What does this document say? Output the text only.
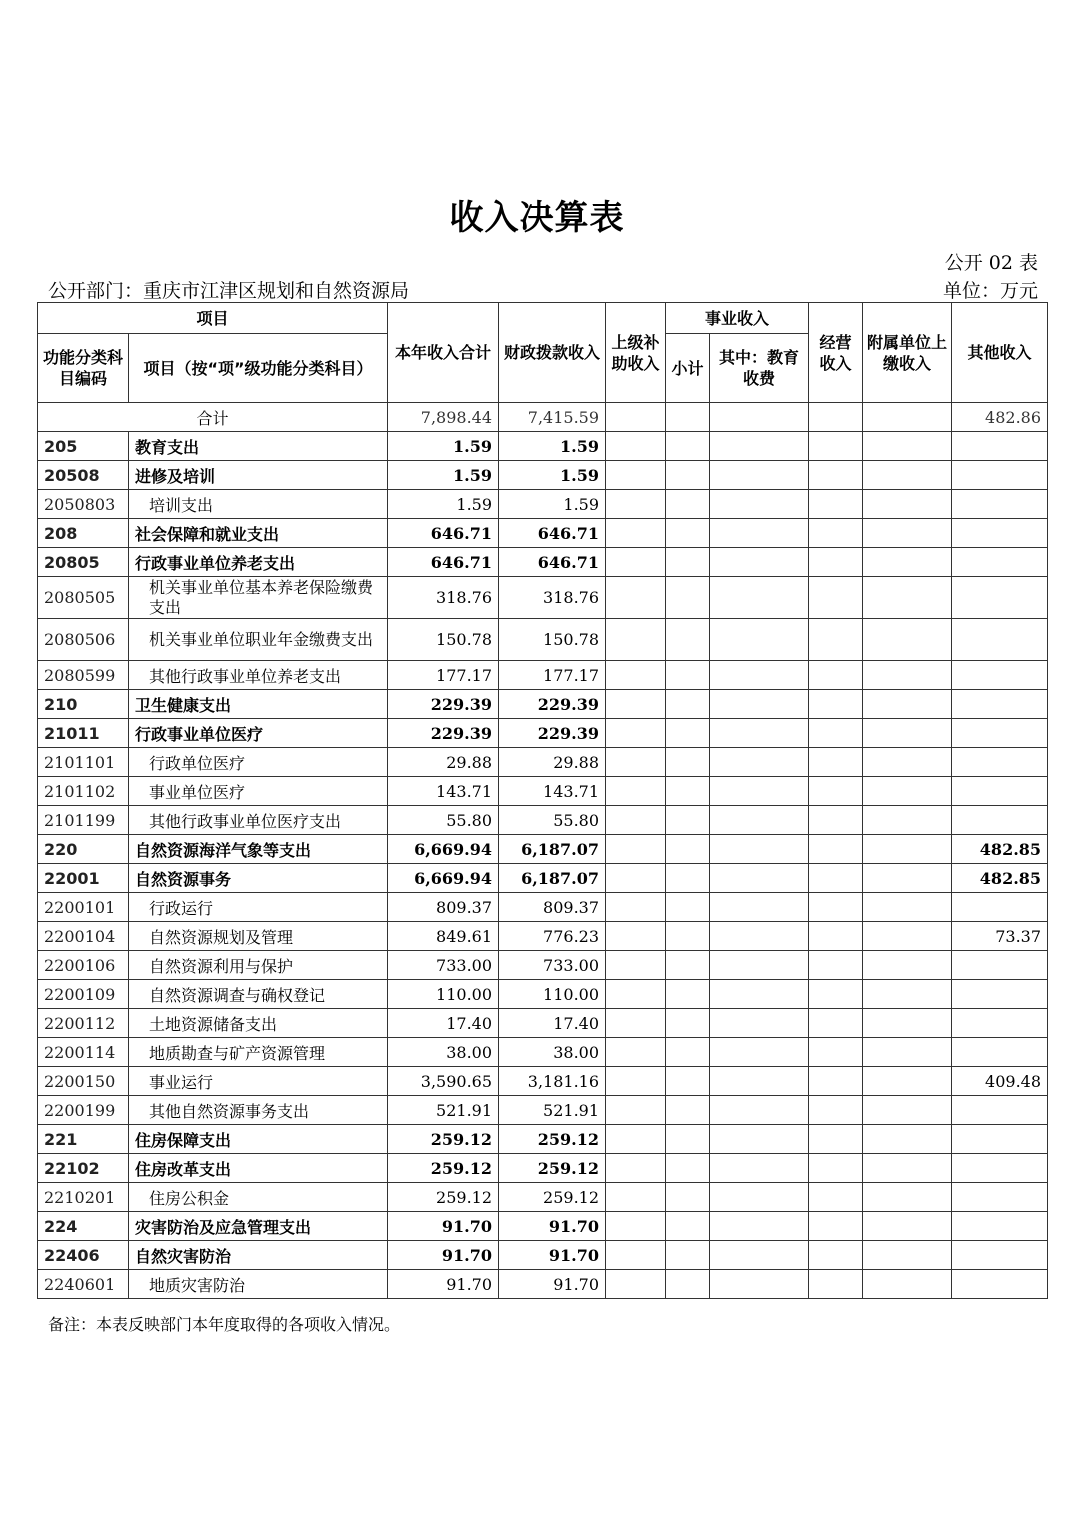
收入决算表
公开 02 表
公开部门：重庆市江津区规划和自然资源局	单位：万元
项目		本年收入合计	财政拨款收入	上级补助收入	事业收入		经营收入	附属单位上缴收入	其他收入
功能分类科目编码	项目（按“项”级功能分类科目）				小计	其中：教育收费			
合计		7,898.44	7,415.59						482.86
205	教育支出	1.59	1.59						
20508	进修及培训	1.59	1.59						
2050803	培训支出	1.59	1.59						
208	社会保障和就业支出	646.71	646.71						
20805	行政事业单位养老支出	646.71	646.71						
2080505	机关事业单位基本养老保险缴费支出	318.76	318.76						
2080506	机关事业单位职业年金缴费支出	150.78	150.78						
2080599	其他行政事业单位养老支出	177.17	177.17						
210	卫生健康支出	229.39	229.39						
21011	行政事业单位医疗	229.39	229.39						
2101101	行政单位医疗	29.88	29.88						
2101102	事业单位医疗	143.71	143.71						
2101199	其他行政事业单位医疗支出	55.80	55.80						
220	自然资源海洋气象等支出	6,669.94	6,187.07						482.85
22001	自然资源事务	6,669.94	6,187.07						482.85
2200101	行政运行	809.37	809.37						
2200104	自然资源规划及管理	849.61	776.23						73.37
2200106	自然资源利用与保护	733.00	733.00						
2200109	自然资源调查与确权登记	110.00	110.00						
2200112	土地资源储备支出	17.40	17.40						
2200114	地质勘查与矿产资源管理	38.00	38.00						
2200150	事业运行	3,590.65	3,181.16						409.48
2200199	其他自然资源事务支出	521.91	521.91						
221	住房保障支出	259.12	259.12						
22102	住房改革支出	259.12	259.12						
2210201	住房公积金	259.12	259.12						
224	灾害防治及应急管理支出	91.70	91.70						
22406	自然灾害防治	91.70	91.70						
2240601	地质灾害防治	91.70	91.70						
备注：本表反映部门本年度取得的各项收入情况。
